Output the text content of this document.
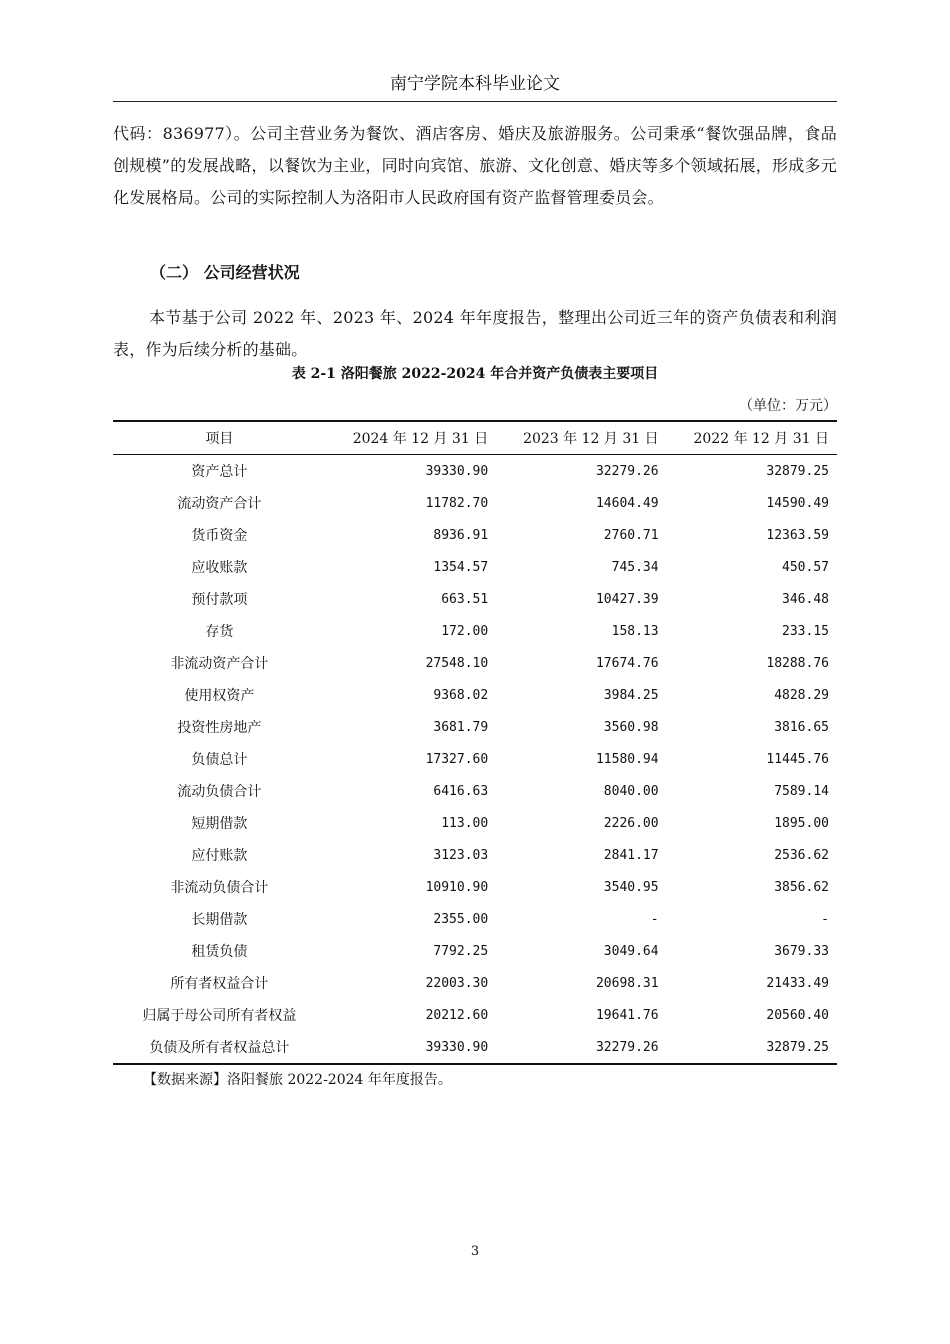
南宁学院本科毕业论文

代码：836977）。公司主营业务为餐饮、酒店客房、婚庆及旅游服务。公司秉承“餐饮强品牌，食品创规模”的发展战略，以餐饮为主业，同时向宾馆、旅游、文化创意、婚庆等多个领域拓展，形成多元化发展格局。公司的实际控制人为洛阳市人民政府国有资产监督管理委员会。

（二） 公司经营状况

本节基于公司 2022 年、2023 年、2024 年年度报告，整理出公司近三年的资产负债表和利润表，作为后续分析的基础。

表 2-1 洛阳餐旅 2022-2024 年合并资产负债表主要项目
（单位：万元）
项目	2024 年 12 月 31 日	2023 年 12 月 31 日	2022 年 12 月 31 日
资产总计	39330.90	32279.26	32879.25
流动资产合计	11782.70	14604.49	14590.49
货币资金	8936.91	2760.71	12363.59
应收账款	1354.57	745.34	450.57
预付款项	663.51	10427.39	346.48
存货	172.00	158.13	233.15
非流动资产合计	27548.10	17674.76	18288.76
使用权资产	9368.02	3984.25	4828.29
投资性房地产	3681.79	3560.98	3816.65
负债总计	17327.60	11580.94	11445.76
流动负债合计	6416.63	8040.00	7589.14
短期借款	113.00	2226.00	1895.00
应付账款	3123.03	2841.17	2536.62
非流动负债合计	10910.90	3540.95	3856.62
长期借款	2355.00	-	-
租赁负债	7792.25	3049.64	3679.33
所有者权益合计	22003.30	20698.31	21433.49
归属于母公司所有者权益	20212.60	19641.76	20560.40
负债及所有者权益总计	39330.90	32279.26	32879.25
【数据来源】洛阳餐旅 2022-2024 年年度报告。
3
